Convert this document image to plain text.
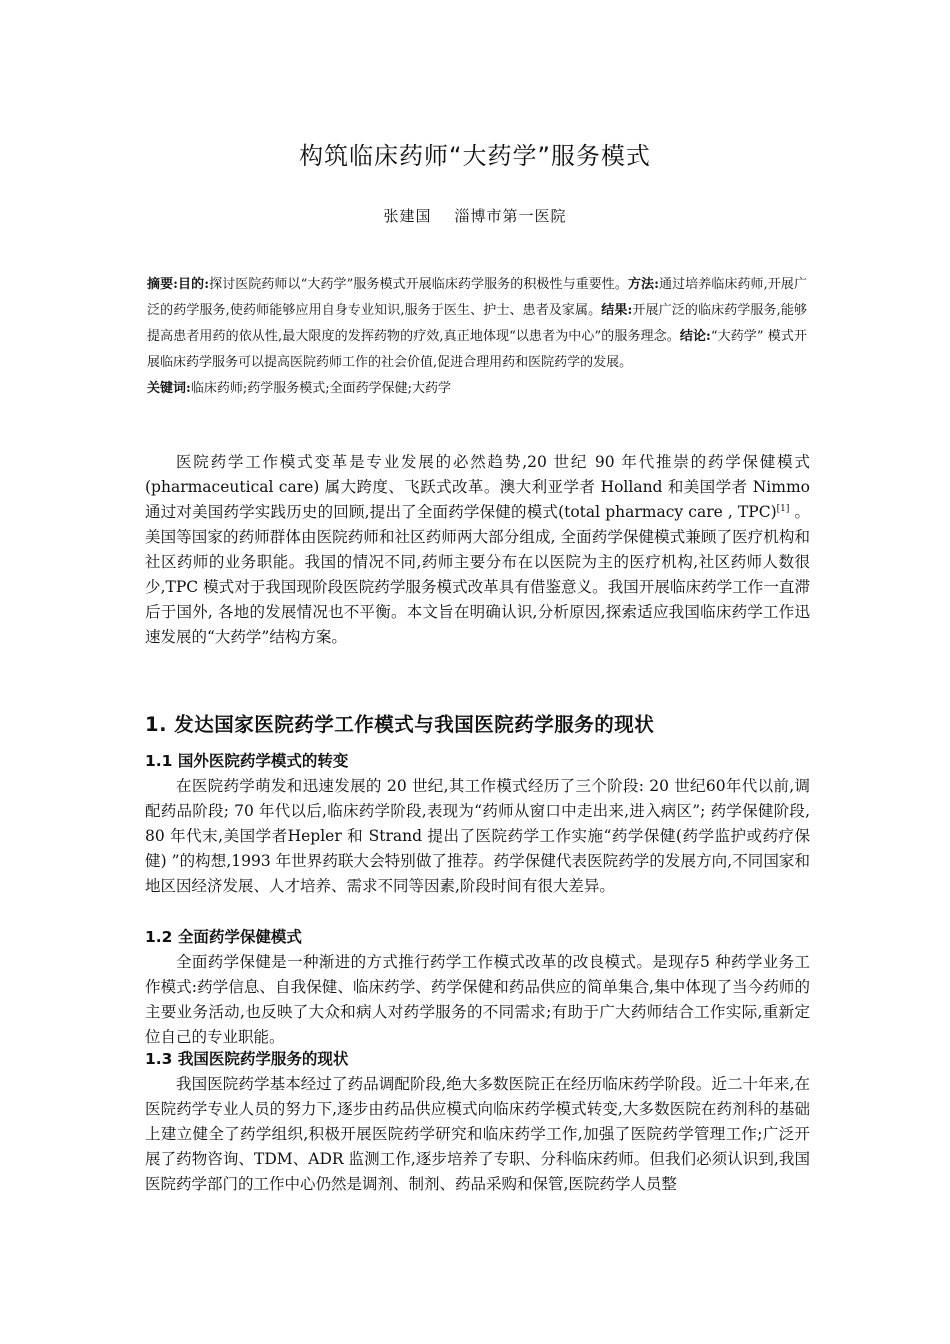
构筑临床药师“大药学”服务模式
张建国 淄博市第一医院
摘要:目的:探讨医院药师以“大药学”服务模式开展临床药学服务的积极性与重要性。方法:通过培养临床药师,开展广泛的药学服务,使药师能够应用自身专业知识,服务于医生、护士、患者及家属。结果:开展广泛的临床药学服务,能够提高患者用药的依从性,最大限度的发挥药物的疗效,真正地体现“以患者为中心”的服务理念。结论:“大药学” 模式开展临床药学服务可以提高医院药师工作的社会价值,促进合理用药和医院药学的发展。
关键词:临床药师;药学服务模式;全面药学保健;大药学

医院药学工作模式变革是专业发展的必然趋势,20 世纪 90 年代推崇的药学保健模式(pharmaceutical care) 属大跨度、飞跃式改革。澳大利亚学者 Holland 和美国学者 Nimmo 通过对美国药学实践历史的回顾,提出了全面药学保健的模式(total pharmacy care , TPC)[1] 。美国等国家的药师群体由医院药师和社区药师两大部分组成, 全面药学保健模式兼顾了医疗机构和社区药师的业务职能。我国的情况不同,药师主要分布在以医院为主的医疗机构,社区药师人数很少,TPC 模式对于我国现阶段医院药学服务模式改革具有借鉴意义。我国开展临床药学工作一直滞后于国外, 各地的发展情况也不平衡。本文旨在明确认识,分析原因,探索适应我国临床药学工作迅速发展的“大药学”结构方案。

1. 发达国家医院药学工作模式与我国医院药学服务的现状
1.1 国外医院药学模式的转变

在医院药学萌发和迅速发展的 20 世纪,其工作模式经历了三个阶段: 20 世纪60年代以前,调配药品阶段; 70 年代以后,临床药学阶段,表现为“药师从窗口中走出来,进入病区”; 药学保健阶段, 80 年代末,美国学者Hepler 和 Strand 提出了医院药学工作实施“药学保健(药学监护或药疗保健) ”的构想,1993 年世界药联大会特别做了推荐。药学保健代表医院药学的发展方向,不同国家和地区因经济发展、人才培养、需求不同等因素,阶段时间有很大差异。

1.2 全面药学保健模式

全面药学保健是一种渐进的方式推行药学工作模式改革的改良模式。是现存5 种药学业务工作模式:药学信息、自我保健、临床药学、药学保健和药品供应的简单集合,集中体现了当今药师的主要业务活动,也反映了大众和病人对药学服务的不同需求;有助于广大药师结合工作实际,重新定位自己的专业职能。

1.3 我国医院药学服务的现状

我国医院药学基本经过了药品调配阶段,绝大多数医院正在经历临床药学阶段。近二十年来,在医院药学专业人员的努力下,逐步由药品供应模式向临床药学模式转变,大多数医院在药剂科的基础上建立健全了药学组织,积极开展医院药学研究和临床药学工作,加强了医院药学管理工作;广泛开展了药物咨询、TDM、ADR 监测工作,逐步培养了专职、分科临床药师。但我们必须认识到,我国医院药学部门的工作中心仍然是调剂、制剂、药品采购和保管,医院药学人员整
